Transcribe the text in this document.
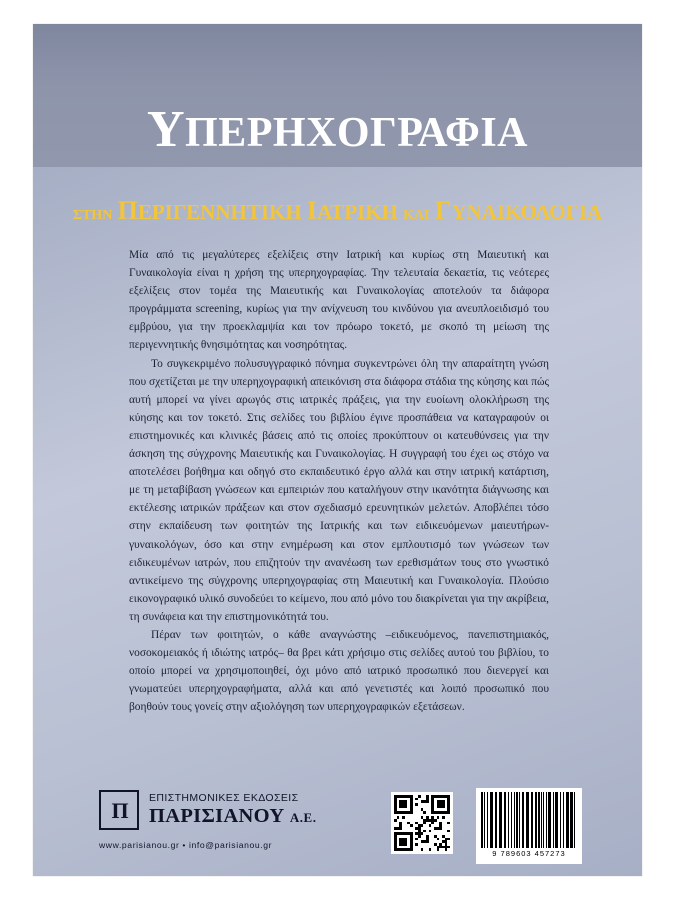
ΥΠΕΡΗΧΟΓΡΑΦΙΑ
ΣΤΗΝ ΠΕΡΙΓΕΝΝΗΤΙΚΗ ΙΑΤΡΙΚΗ ΚΑΙ ΓΥΝΑΙΚΟΛΟΓΙΑ

Μία από τις μεγαλύτερες εξελίξεις στην Ιατρική και κυρίως στη Μαιευτική και Γυναικολογία είναι η χρήση της υπερηχογραφίας. Την τελευταία δεκαετία, τις νεότερες εξελίξεις στον τομέα της Μαιευτικής και Γυναικολογίας αποτελούν τα διάφορα προγράμματα screening, κυρίως για την ανίχνευση του κινδύνου για ανευπλοειδισμό του εμβρύου, για την προεκλαμψία και τον πρόωρο τοκετό, με σκοπό τη μείωση της περιγεννητικής θνησιμότητας και νοσηρότητας.

Το συγκεκριμένο πολυσυγγραφικό πόνημα συγκεντρώνει όλη την απαραίτητη γνώση που σχετίζεται με την υπερηχογραφική απεικόνιση στα διάφορα στάδια της κύησης και πώς αυτή μπορεί να γίνει αρωγός στις ιατρικές πράξεις, για την ευοίωνη ολοκλήρωση της κύησης και τον τοκετό. Στις σελίδες του βιβλίου έγινε προσπάθεια να καταγραφούν οι επιστημονικές και κλινικές βάσεις από τις οποίες προκύπτουν οι κατευθύνσεις για την άσκηση της σύγχρονης Μαιευτικής και Γυναικολογίας. Η συγγραφή του έχει ως στόχο να αποτελέσει βοήθημα και οδηγό στο εκπαιδευτικό έργο αλλά και στην ιατρική κατάρτιση, με τη μεταβίβαση γνώσεων και εμπειριών που καταλήγουν στην ικανότητα διάγνωσης και εκτέλεσης ιατρικών πράξεων και στον σχεδιασμό ερευνητικών μελετών. Αποβλέπει τόσο στην εκπαίδευση των φοιτητών της Ιατρικής και των ειδικευόμενων μαιευτήρων-γυναικολόγων, όσο και στην ενημέρωση και στον εμπλουτισμό των γνώσεων των ειδικευμένων ιατρών, που επιζητούν την ανανέωση των ερεθισμάτων τους στο γνωστικό αντικείμενο της σύγχρονης υπερηχογραφίας στη Μαιευτική και Γυναικολογία. Πλούσιο εικονογραφικό υλικό συνοδεύει το κείμενο, που από μόνο του διακρίνεται για την ακρίβεια, τη συνάφεια και την επιστημονικότητά του.

Πέραν των φοιτητών, ο κάθε αναγνώστης –ειδικευόμενος, πανεπιστημιακός, νοσοκομειακός ή ιδιώτης ιατρός– θα βρει κάτι χρήσιμο στις σελίδες αυτού του βιβλίου, το οποίο μπορεί να χρησιμοποιηθεί, όχι μόνο από ιατρικό προσωπικό που διενεργεί και γνωματεύει υπερηχογραφήματα, αλλά και από γενετιστές και λοιπό προσωπικό που βοηθούν τους γονείς στην αξιολόγηση των υπερηχογραφικών εξετάσεων.

Π	ΕΠΙΣΤΗΜΟΝΙΚΕΣ ΕΚΔΟΣΕΙΣ
ΠΑΡΙΣΙΑΝΟΥ Α.Ε.
www.parisianou.gr • info@parisianou.gr
9 789603 457273
